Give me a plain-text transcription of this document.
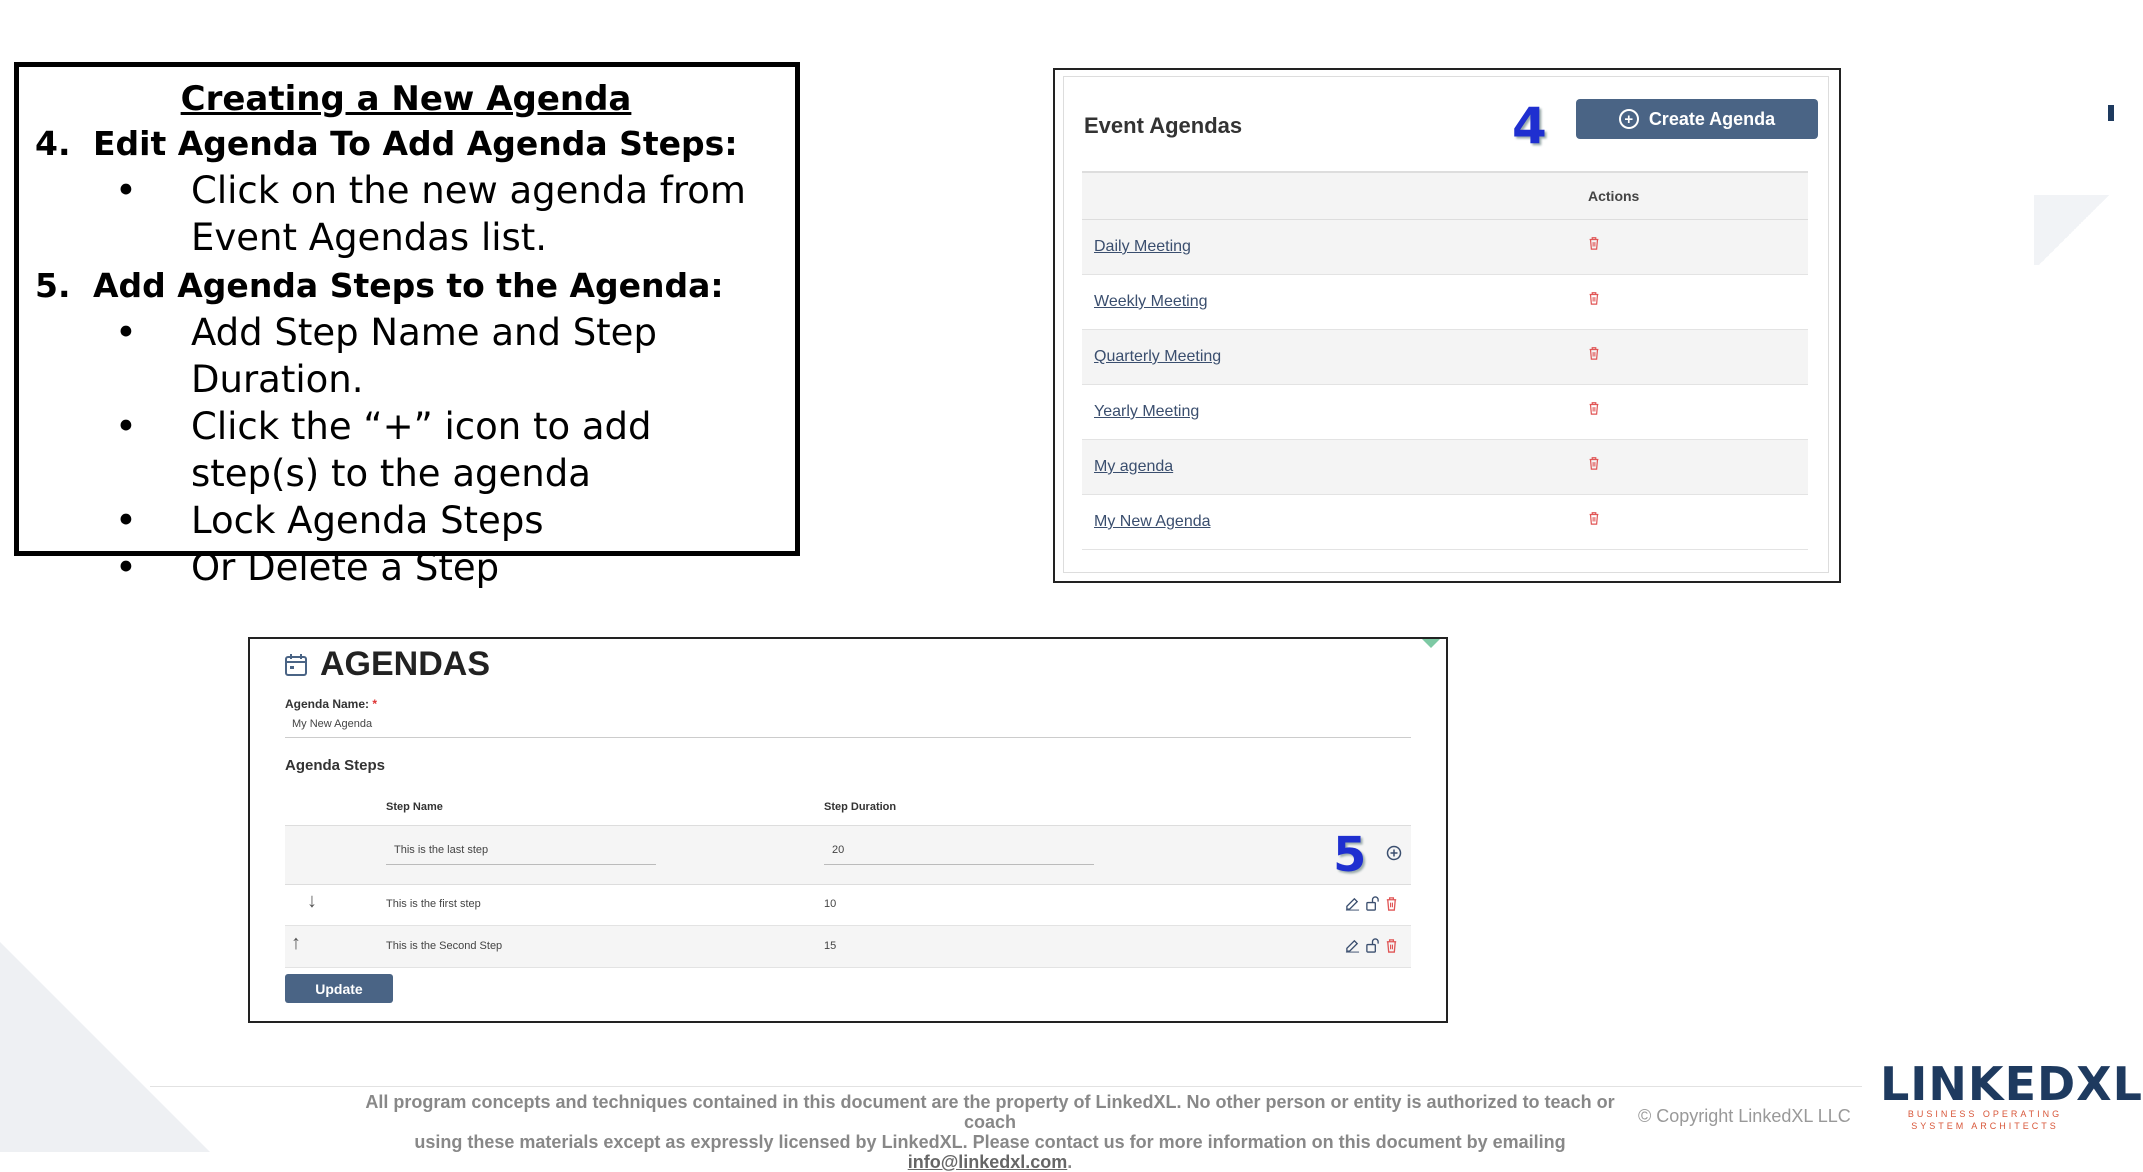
Creating a New Agenda
4. Edit Agenda To Add Agenda Steps:
• Click on the new agenda from Event Agendas list.
5. Add Agenda Steps to the Agenda:
• Add Step Name and Step Duration.
• Click the “+” icon to add step(s) to the agenda
• Lock Agenda Steps
• Or Delete a Step
Event Agendas	4	+ Create Agenda
Actions
Daily Meeting
Weekly Meeting
Quarterly Meeting
Yearly Meeting
My agenda
My New Agenda
AGENDAS
Agenda Name: *
My New Agenda
Agenda Steps
Step Name	Step Duration
This is the last step	20	5
↓	This is the first step	10
↑	This is the Second Step	15
Update
All program concepts and techniques contained in this document are the property of LinkedXL. No other person or entity is authorized to teach or coach
using these materials except as expressly licensed by LinkedXL. Please contact us for more information on this document by emailing info@linkedxl.com.
© Copyright LinkedXL LLC
LINKEDXL
BUSINESS OPERATING
SYSTEM ARCHITECTS
